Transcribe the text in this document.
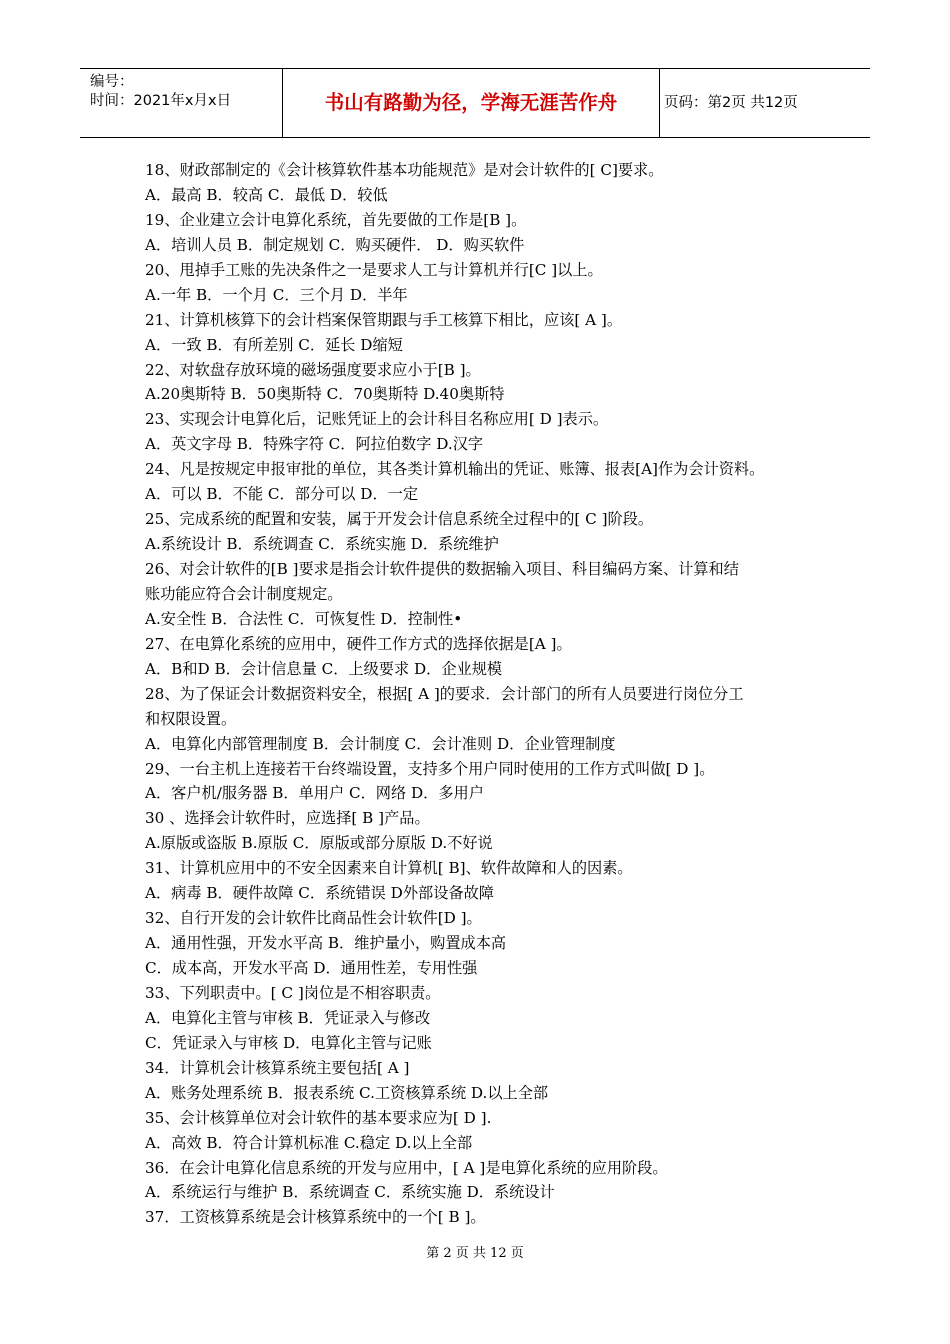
编号：
时间：2021年x月x日	书山有路勤为径，学海无涯苦作舟	页码：第2页 共12页
18、财政部制定的《会计核算软件基本功能规范》是对会计软件的[ C]要求。
A．最高 B．较高 C．最低 D．较低
19、企业建立会计电算化系统，首先要做的工作是[B ]。
A．培训人员 B．制定规划 C．购买硬件． D．购买软件
20、甩掉手工账的先决条件之一是要求人工与计算机并行[C ]以上。
A.一年 B．一个月 C．三个月 D．半年
21、计算机核算下的会计档案保管期跟与手工核算下相比，应该[ A ]。
A．一致 B．有所差别 C．延长 D缩短
22、对软盘存放环境的磁场强度要求应小于[B ]。
A.20奥斯特 B．50奥斯特 C．70奥斯特 D.40奥斯特
23、实现会计电算化后，记账凭证上的会计科目名称应用[ D ]表示。
A．英文字母 B．特殊字符 C．阿拉伯数字 D.汉字
24、凡是按规定申报审批的单位，其各类计算机输出的凭证、账簿、报表[A]作为会计资料。
A．可以 B．不能 C．部分可以 D．一定
25、完成系统的配置和安装，属于开发会计信息系统全过程中的[ C ]阶段。
A.系统设计 B．系统调查 C．系统实施 D．系统维护
26、对会计软件的[B ]要求是指会计软件提供的数据输入项目、科目编码方案、计算和结
账功能应符合会计制度规定。
A.安全性 B．合法性 C．可恢复性 D．控制性•
27、在电算化系统的应用中，硬件工作方式的选择依据是[A ]。
A．B和D B．会计信息量 C．上级要求 D．企业规模
28、为了保证会计数据资料安全，根据[ A ]的要求．会计部门的所有人员要进行岗位分工
和权限设置。
A．电算化内部管理制度 B．会计制度 C．会计准则 D．企业管理制度
29、一台主机上连接若干台终端设置，支持多个用户同时使用的工作方式叫做[ D ]。
A．客户机/服务器 B．单用户 C．网络 D．多用户
30 、选择会计软件时，应选择[ B ]产品。
A.原版或盗版 B.原版 C．原版或部分原版 D.不好说
31、计算机应用中的不安全因素来自计算机[ B]、软件故障和人的因素。
A．病毒 B．硬件故障 C．系统错误 D外部设备故障
32、自行开发的会计软件比商品性会计软件[D ]。
A．通用性强，开发水平高 B．维护量小，购置成本高
C．成本高，开发水平高 D．通用性差，专用性强
33、下列职责中。[ C ]岗位是不相容职责。
A．电算化主管与审核 B．凭证录入与修改
C．凭证录入与审核 D．电算化主管与记账
34．计算机会计核算系统主要包括[ A ]
A．账务处理系统 B．报表系统 C.工资核算系统 D.以上全部
35、会计核算单位对会计软件的基本要求应为[ D ].
A．高效 B．符合计算机标准 C.稳定 D.以上全部
36．在会计电算化信息系统的开发与应用中，[ A ]是电算化系统的应用阶段。
A．系统运行与维护 B．系统调查 C．系统实施 D．系统设计
37．工资核算系统是会计核算系统中的一个[ B ]。
第 2 页 共 12 页
